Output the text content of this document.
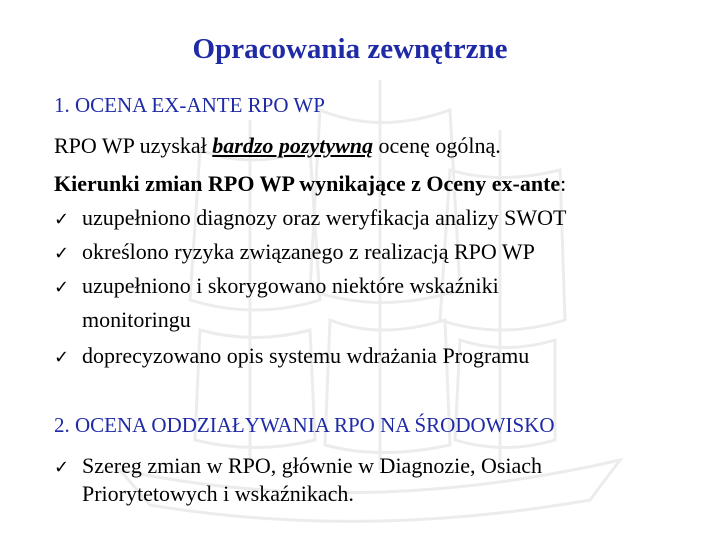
Opracowania zewnętrzne
1. OCENA EX-ANTE RPO WP
RPO WP uzyskał bardzo pozytywną ocenę ogólną.
Kierunki zmian RPO WP wynikające z Oceny ex-ante:
✓ uzupełniono diagnozy oraz weryfikacja analizy SWOT
✓ określono ryzyka związanego z realizacją RPO WP
✓ uzupełniono i skorygowano niektóre wskaźniki
monitoringu
✓ doprecyzowano opis systemu wdrażania Programu
2. OCENA ODDZIAŁYWANIA RPO NA ŚRODOWISKO
✓ Szereg zmian w RPO, głównie w Diagnozie, Osiach
Priorytetowych i wskaźnikach.
